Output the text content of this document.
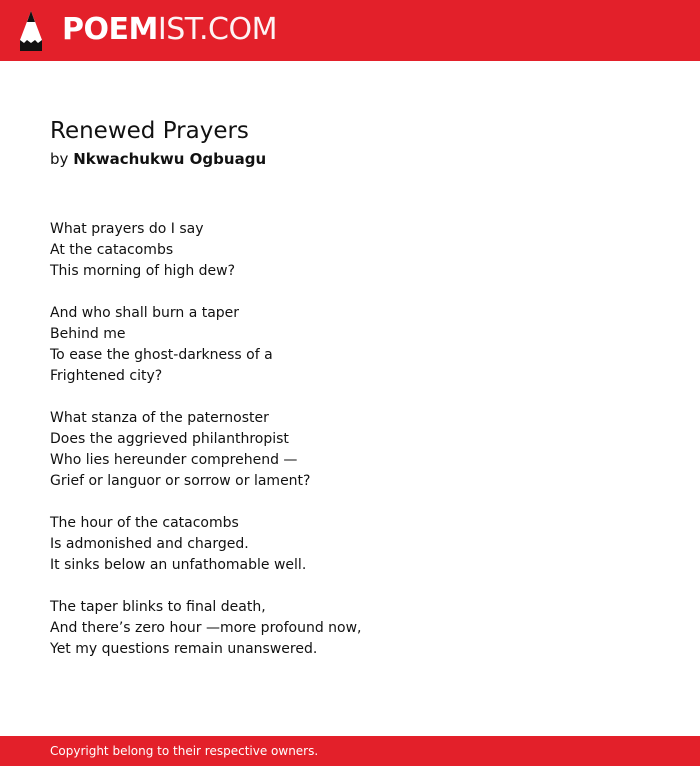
POEMIST.COM
Renewed Prayers
by Nkwachukwu Ogbuagu
What prayers do I say
At the catacombs
This morning of high dew?
And who shall burn a taper
Behind me
To ease the ghost-darkness of a
Frightened city?
What stanza of the paternoster
Does the aggrieved philanthropist
Who lies hereunder comprehend —
Grief or languor or sorrow or lament?
The hour of the catacombs
Is admonished and charged.
It sinks below an unfathomable well.
The taper blinks to final death,
And there’s zero hour —more profound now,
Yet my questions remain unanswered.
Copyright belong to their respective owners.
